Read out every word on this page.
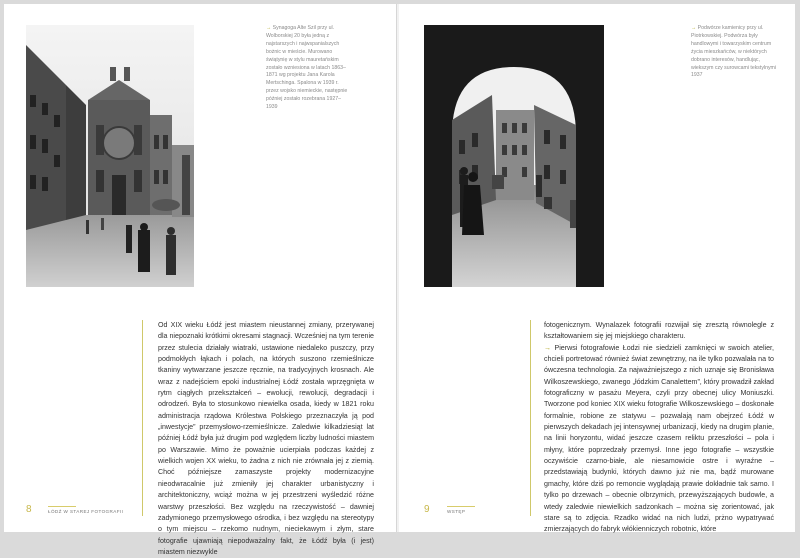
→ Synagoga Alte Szil przy ul. Wolborskiej 20 była jedną z najstarszych i najwspanialszych bożnic w mieście. Murowano świątynię w stylu mauretańskim zostało wzniesiona w latach 1863–1871 wg projektu Jana Karola Mertschinga. Spalona w 1939 r. przez wojsko niemieckie, następnie później zostało rozebrana 1927–1939

Od XIX wieku Łódź jest miastem nieustannej zmiany, przerywanej dla niepoznaki krótkimi okresami stagnacji. Wcześniej na tym terenie przez stulecia działały wiatraki, ustawione niedaleko puszczy, przy podmokłych łąkach i polach, na których suszono rzemieślnicze tkaniny wytwarzane jeszcze ręcznie, na tradycyjnych krosnach. Ale wraz z nadejściem epoki industrialnej Łódź została wprzęgnięta w rytm ciągłych przekształceń – ewolucji, rewolucji, degradacji i odrodzeń. Była to stosunkowo niewielka osada, kiedy w 1821 roku administracja rządowa Królestwa Polskiego przeznaczyła ją pod „inwestycje” przemysłowo-rzemieślnicze. Zaledwie kilkadziesiąt lat później Łódź była już drugim pod względem liczby ludności miastem po Warszawie. Mimo że poważnie ucierpiała podczas każdej z wielkich wojen XX wieku, to żadna z nich nie zrównała jej z ziemią. Choć późniejsze zamaszyste projekty modernizacyjne nieodwracalnie już zmieniły jej charakter urbanistyczny i architektoniczny, wciąż można w jej przestrzeni wyśledzić różne warstwy przeszłości. Bez względu na rzeczywistość – dawniej zadymionego przemysłowego ośrodka, i bez względu na stereotypy o tym miejscu – rzekomo nudnym, nieciekawym i złym, stare fotografie ujawniają niepodważalny fakt, że Łódź była (i jest) miastem niezwykle

8	ŁÓDŹ W STAREJ FOTOGRAFII

→ Podwórze kamienicy przy ul. Piotrkowskiej. Podwórza były handlowymi i towarzyskim centrum życia mieszkańców, w niektórych dobrano interesów, handlując, wiekszym czy surowcami tekstylnymi 1937

fotogenicznym. Wynalazek fotografii rozwijał się zresztą równolegle z kształtowaniem się jej miejskiego charakteru.

→ Pierwsi fotografowie Łodzi nie siedzieli zamknięci w swoich atelier, chcieli portretować również świat zewnętrzny, na ile tylko pozwalała na to ówczesna technologia. Za najważniejszego z nich uznaje się Bronisława Wilkoszewskiego, zwanego „łódzkim Canalettem”, który prowadził zakład fotograficzny w pasażu Meyera, czyli przy obecnej ulicy Moniuszki. Tworzone pod koniec XIX wieku fotografie Wilkoszewskiego – doskonałe formalnie, robione ze statywu – pozwalają nam obejrzeć Łódź w pierwszych dekadach jej intensywnej urbanizacji, kiedy na drugim planie, na linii horyzontu, widać jeszcze czasem reliktu przeszłości – pola i młyny, które poprzedzały przemysł. Inne jego fotografie – wszystkie oczywiście czarno-białe, ale niesamowicie ostre i wyraźne – przedstawiają budynki, których dawno już nie ma, bądź murowane gmachy, które dziś po remoncie wyglądają prawie dokładnie tak samo. I tylko po drzewach – obecnie olbrzymich, przewyższających budowle, a wtedy zaledwie niewielkich sadzonkach – można się zorientować, jak stare są to zdjęcia. Rzadko widać na nich ludzi, prżno wypatrywać zmierzających do fabryk włókienniczych robotnic, które

9	WSTĘP
